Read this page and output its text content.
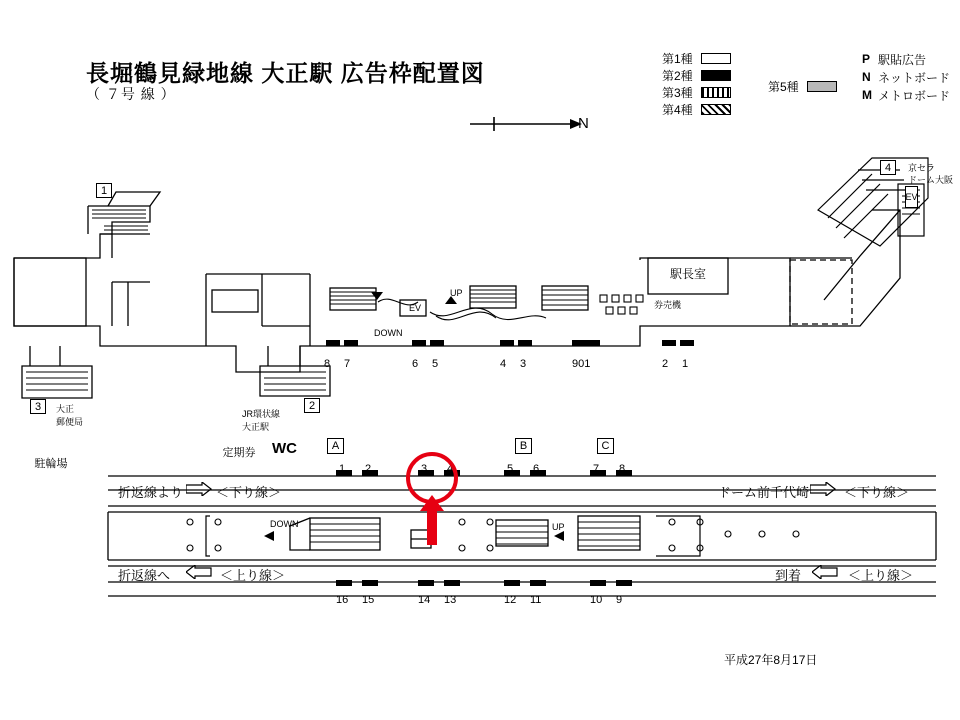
長堀鶴見緑地線 大正駅 広告枠配置図
（ ７号 線 ）
N
第1種
第2種
第3種
第4種
第5種
P 駅貼広告
N ネットボード
M メトロボード
駐輪場
定期券	WC
駅長室
券売機
EV
UP
DOWN
1
2
3
4
EV
大正
郵便局
JR環状線
大正駅
京セラ
ドーム大阪
8 7	6 5	4 3	901	2 1
A	B	C
1 2	3 4	5 6	7 8
16 15	14 13	12 11	10 9
DOWN	UP
折返線より	＜下り線＞	ドーム前千代崎	＜下り線＞
折返線へ	＜上り線＞	到着	＜上り線＞
平成27年8月17日
